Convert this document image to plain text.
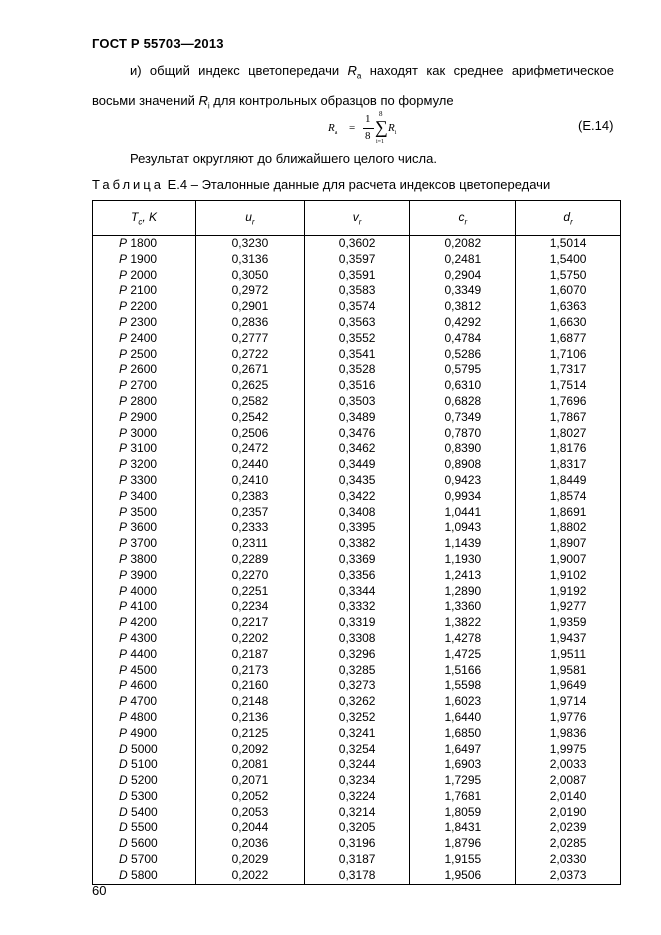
ГОСТ Р 55703—2013
и) общий индекс цветопередачи $R_a$ находят как среднее арифметическое восьми значений $R_i$ для контрольных образцов по формуле
$R_a$ =
1
8
8
∑
i=1
$R_i$
(Е.14)
Результат округляют до ближайшего целого числа.
Таблица Е.4 – Эталонные данные для расчета индексов цветопередачи
$T_c$, K	$u_r$	$v_r$	$c_r$	$d_r$
P 1800	0,3230	0,3602	0,2082	1,5014
P 1900	0,3136	0,3597	0,2481	1,5400
P 2000	0,3050	0,3591	0,2904	1,5750
P 2100	0,2972	0,3583	0,3349	1,6070
P 2200	0,2901	0,3574	0,3812	1,6363
P 2300	0,2836	0,3563	0,4292	1,6630
P 2400	0,2777	0,3552	0,4784	1,6877
P 2500	0,2722	0,3541	0,5286	1,7106
P 2600	0,2671	0,3528	0,5795	1,7317
P 2700	0,2625	0,3516	0,6310	1,7514
P 2800	0,2582	0,3503	0,6828	1,7696
P 2900	0,2542	0,3489	0,7349	1,7867
P 3000	0,2506	0,3476	0,7870	1,8027
P 3100	0,2472	0,3462	0,8390	1,8176
P 3200	0,2440	0,3449	0,8908	1,8317
P 3300	0,2410	0,3435	0,9423	1,8449
P 3400	0,2383	0,3422	0,9934	1,8574
P 3500	0,2357	0,3408	1,0441	1,8691
P 3600	0,2333	0,3395	1,0943	1,8802
P 3700	0,2311	0,3382	1,1439	1,8907
P 3800	0,2289	0,3369	1,1930	1,9007
P 3900	0,2270	0,3356	1,2413	1,9102
P 4000	0,2251	0,3344	1,2890	1,9192
P 4100	0,2234	0,3332	1,3360	1,9277
P 4200	0,2217	0,3319	1,3822	1,9359
P 4300	0,2202	0,3308	1,4278	1,9437
P 4400	0,2187	0,3296	1,4725	1,9511
P 4500	0,2173	0,3285	1,5166	1,9581
P 4600	0,2160	0,3273	1,5598	1,9649
P 4700	0,2148	0,3262	1,6023	1,9714
P 4800	0,2136	0,3252	1,6440	1,9776
P 4900	0,2125	0,3241	1,6850	1,9836
D 5000	0,2092	0,3254	1,6497	1,9975
D 5100	0,2081	0,3244	1,6903	2,0033
D 5200	0,2071	0,3234	1,7295	2,0087
D 5300	0,2052	0,3224	1,7681	2,0140
D 5400	0,2053	0,3214	1,8059	2,0190
D 5500	0,2044	0,3205	1,8431	2,0239
D 5600	0,2036	0,3196	1,8796	2,0285
D 5700	0,2029	0,3187	1,9155	2,0330
D 5800	0,2022	0,3178	1,9506	2,0373
60
